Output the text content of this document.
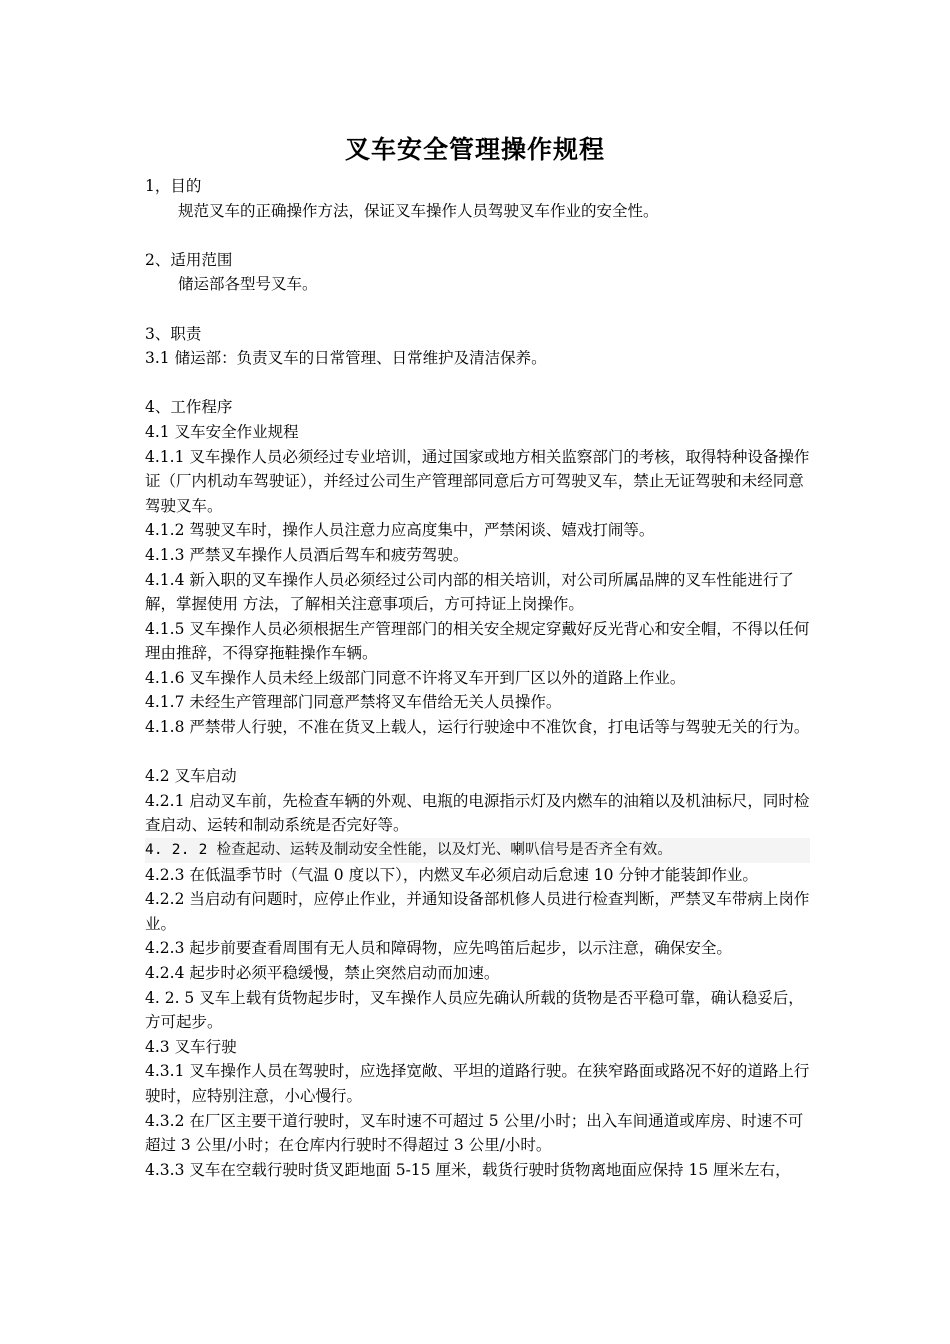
叉车安全管理操作规程

1，目的

规范叉车的正确操作方法，保证叉车操作人员驾驶叉车作业的安全性。

2、适用范围

储运部各型号叉车。

3、职责

3.1 储运部：负责叉车的日常管理、日常维护及清洁保养。

4、工作程序

4.1 叉车安全作业规程

4.1.1 叉车操作人员必须经过专业培训，通过国家或地方相关监察部门的考核，取得特种设备操作证（厂内机动车驾驶证），并经过公司生产管理部同意后方可驾驶叉车，禁止无证驾驶和未经同意驾驶叉车。

4.1.2 驾驶叉车时，操作人员注意力应高度集中，严禁闲谈、嬉戏打闹等。

4.1.3 严禁叉车操作人员酒后驾车和疲劳驾驶。

4.1.4 新入职的叉车操作人员必须经过公司内部的相关培训，对公司所属品牌的叉车性能进行了解，掌握使用 方法，了解相关注意事项后，方可持证上岗操作。

4.1.5 叉车操作人员必须根据生产管理部门的相关安全规定穿戴好反光背心和安全帽，不得以任何理由推辞，不得穿拖鞋操作车辆。

4.1.6 叉车操作人员未经上级部门同意不许将叉车开到厂区以外的道路上作业。

4.1.7 未经生产管理部门同意严禁将叉车借给无关人员操作。

4.1.8 严禁带人行驶，不准在货叉上载人，运行行驶途中不准饮食，打电话等与驾驶无关的行为。

4.2 叉车启动

4.2.1 启动叉车前，先检查车辆的外观、电瓶的电源指示灯及内燃车的油箱以及机油标尺，同时检查启动、运转和制动系统是否完好等。

4. 2. 2 检查起动、运转及制动安全性能，以及灯光、喇叭信号是否齐全有效。

4.2.3 在低温季节时（气温 0 度以下），内燃叉车必须启动后怠速 10 分钟才能装卸作业。

4.2.2 当启动有问题时，应停止作业，并通知设备部机修人员进行检查判断，严禁叉车带病上岗作业。

4.2.3 起步前要查看周围有无人员和障碍物，应先鸣笛后起步，以示注意，确保安全。

4.2.4 起步时必须平稳缓慢，禁止突然启动而加速。

4. 2. 5 叉车上载有货物起步时，叉车操作人员应先确认所载的货物是否平稳可靠，确认稳妥后，方可起步。

4.3 叉车行驶

4.3.1 叉车操作人员在驾驶时，应选择宽敞、平坦的道路行驶。在狭窄路面或路况不好的道路上行驶时，应特别注意，小心慢行。

4.3.2 在厂区主要干道行驶时，叉车时速不可超过 5 公里/小时；出入车间通道或库房、时速不可超过 3 公里/小时；在仓库内行驶时不得超过 3 公里/小时。

4.3.3 叉车在空载行驶时货叉距地面 5-15 厘米，载货行驶时货物离地面应保持 15 厘米左右，
